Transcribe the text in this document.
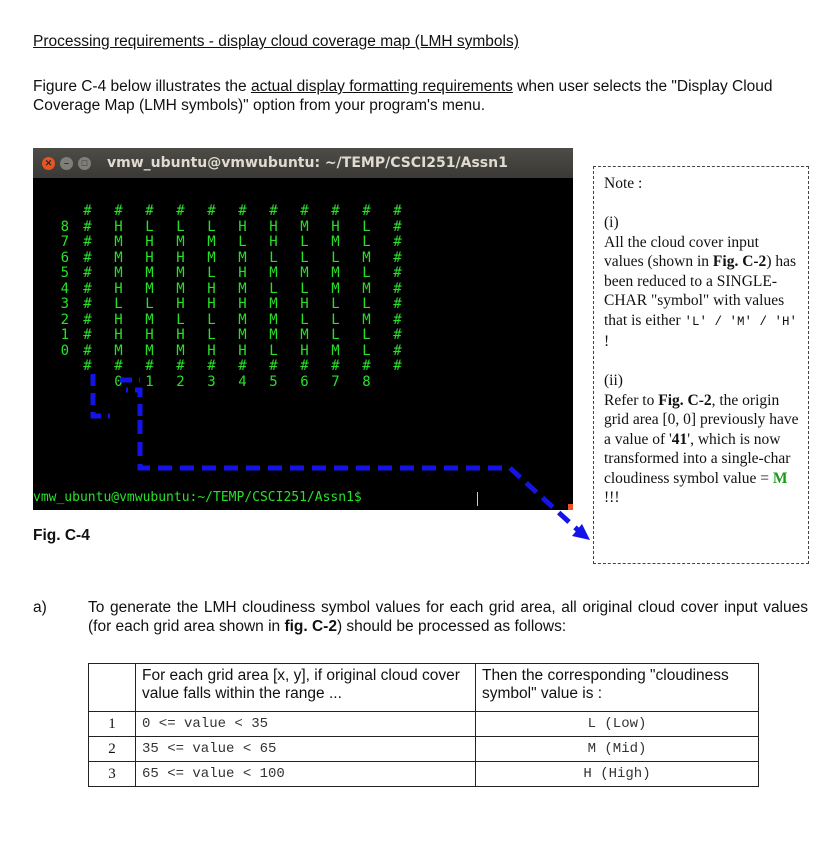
Processing requirements - display cloud coverage map (LMH symbols)
Figure C-4 below illustrates the actual display formatting requirements when user selects the "Display Cloud Coverage Map (LMH symbols)" option from your program's menu.
✕	–	□ vmw_ubuntu@vmwubuntu: ~/TEMP/CSCI251/Assn1
#	#	#	#	#	#	#	#	#	#	#
8	#	H	L	L	L	H	H	M	H	L	#
7	#	M	H	M	M	L	H	L	M	L	#
6	#	M	H	H	M	M	L	L	L	M	#
5	#	M	M	M	L	H	M	M	M	L	#
4	#	H	M	M	H	M	L	L	M	M	#
3	#	L	L	H	H	H	M	H	L	L	#
2	#	H	M	L	L	M	M	L	L	M	#
1	#	H	H	H	L	M	M	M	L	L	#
0	#	M	M	M	H	H	L	H	M	L	#
#	#	#	#	#	#	#	#	#	#	#
0	1	2	3	4	5	6	7	8
vmw_ubuntu@vmwubuntu:~/TEMP/CSCI251/Assn1$
Fig. C-4

Note :

(i)

All the cloud cover input values (shown in Fig. C-2) has been reduced to a SINGLE-CHAR "symbol" with values that is either 'L' / 'M' / 'H' !

(ii)

Refer to Fig. C-2, the origin grid area [0, 0] previously have a value of '41', which is now transformed into a single-char cloudiness symbol value = M !!!

a)	To generate the LMH cloudiness symbol values for each grid area, all original cloud cover input values (for each grid area shown in fig. C-2) should be processed as follows:
	For each grid area [x, y], if original cloud cover value falls within the range ...	Then the corresponding "cloudiness symbol" value is :
1	0 <= value < 35	L (Low)
2	35 <= value < 65	M (Mid)
3	65 <= value < 100	H (High)
